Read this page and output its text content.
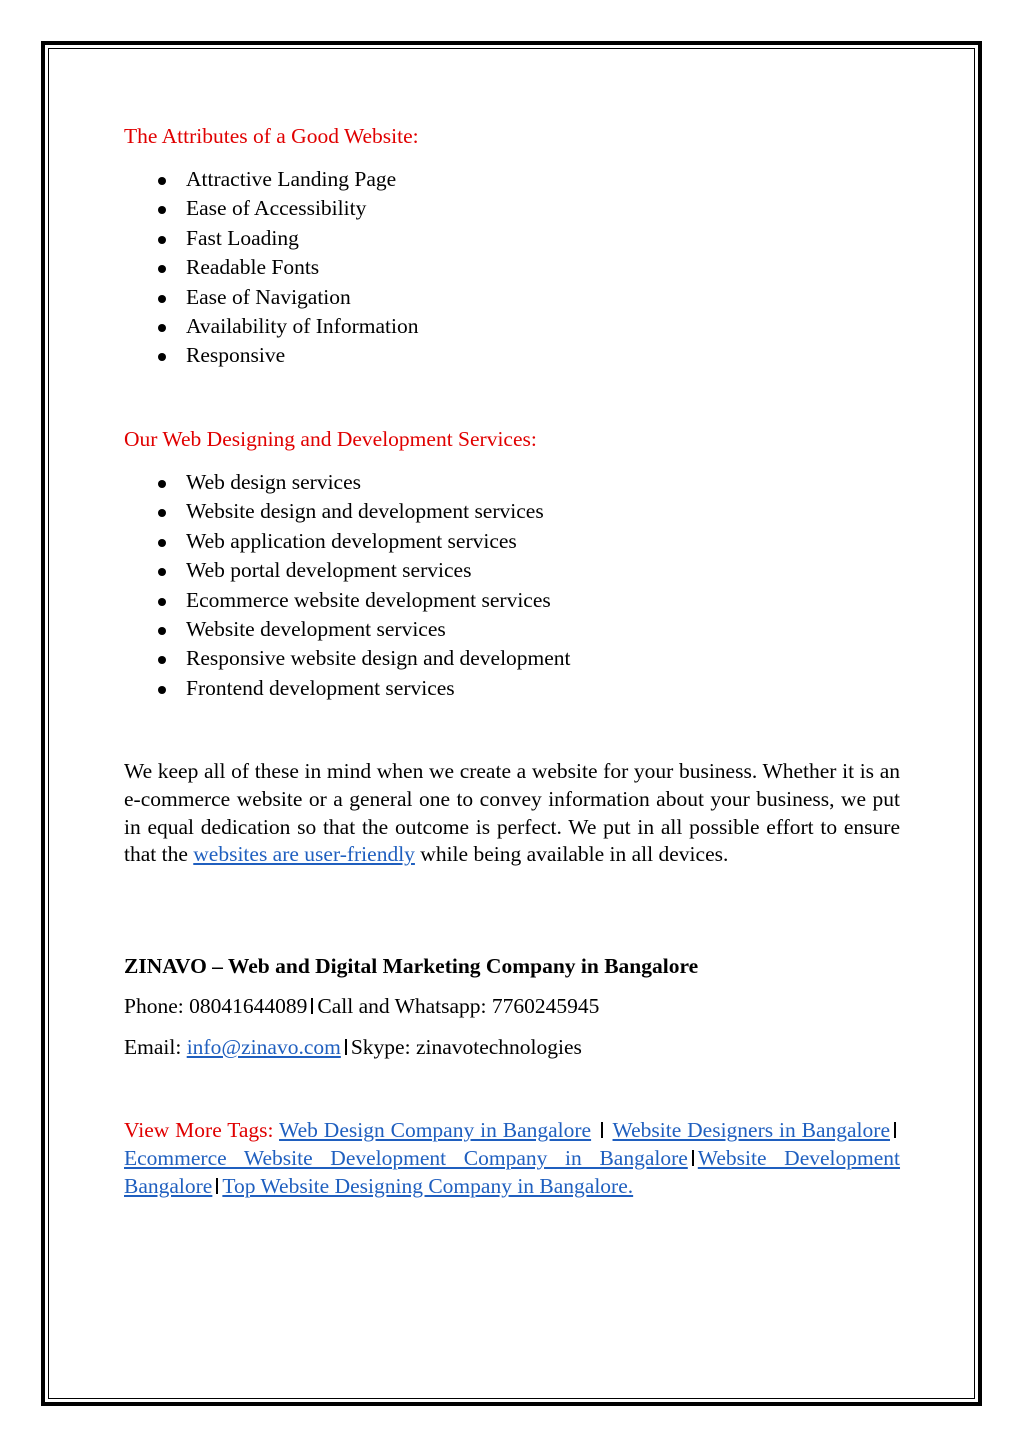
The Attributes of a Good Website:

Attractive Landing Page
Ease of Accessibility
Fast Loading
Readable Fonts
Ease of Navigation
Availability of Information
Responsive

Our Web Designing and Development Services:

Web design services
Website design and development services
Web application development services
Web portal development services
Ecommerce website development services
Website development services
Responsive website design and development
Frontend development services

We keep all of these in mind when we create a website for your business. Whether it is an e-commerce website or a general one to convey information about your business, we put in equal dedication so that the outcome is perfect. We put in all possible effort to ensure that the websites are user-friendly while being available in all devices.

ZINAVO – Web and Digital Marketing Company in Bangalore

Phone: 08041644089 Call and Whatsapp: 7760245945

Email: info@zinavo.com Skype: zinavotechnologies

View More Tags: Web Design Company in Bangalore Website Designers in BangaloreEcommerce Website Development Company in Bangalore Website Development Bangalore Top Website Designing Company in Bangalore.
